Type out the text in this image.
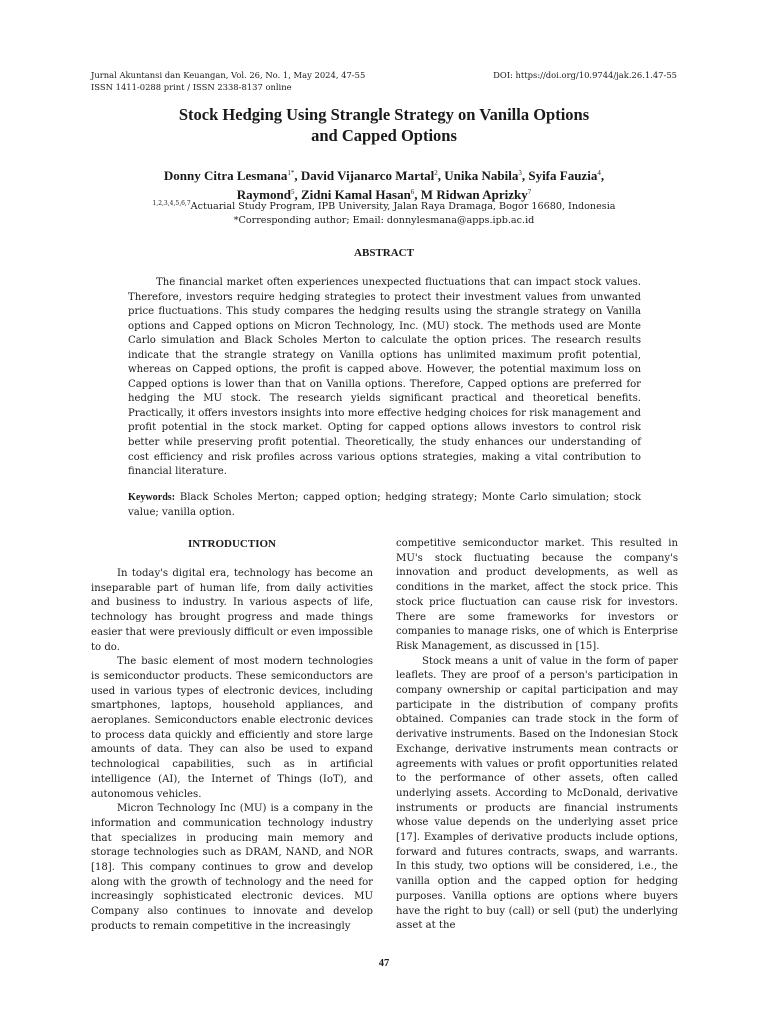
Jurnal Akuntansi dan Keuangan, Vol. 26, No. 1, May 2024, 47-55
ISSN 1411-0288 print / ISSN 2338-8137 online
DOI: https://doi.org/10.9744/jak.26.1.47-55
Stock Hedging Using Strangle Strategy on Vanilla Options
and Capped Options
Donny Citra Lesmana$^{1*}$, David Vijanarco Martal$^2$, Unika Nabila$^3$, Syifa Fauzia$^4$,
Raymond$^5$, Zidni Kamal Hasan$^6$, M Ridwan Aprizky$^7$
$^{1,2,3,4,5,6,7}$Actuarial Study Program, IPB University, Jalan Raya Dramaga, Bogor 16680, Indonesia
*Corresponding author; Email: donnylesmana@apps.ipb.ac.id
ABSTRACT

The financial market often experiences unexpected fluctuations that can impact stock values. Therefore, investors require hedging strategies to protect their investment values from unwanted price fluctuations. This study compares the hedging results using the strangle strategy on Vanilla options and Capped options on Micron Technology, Inc. (MU) stock. The methods used are Monte Carlo simulation and Black Scholes Merton to calculate the option prices. The research results indicate that the strangle strategy on Vanilla options has unlimited maximum profit potential, whereas on Capped options, the profit is capped above. However, the potential maximum loss on Capped options is lower than that on Vanilla options. Therefore, Capped options are preferred for hedging the MU stock. The research yields significant practical and theoretical benefits. Practically, it offers investors insights into more effective hedging choices for risk management and profit potential in the stock market. Opting for capped options allows investors to control risk better while preserving profit potential. Theoretically, the study enhances our understanding of cost efficiency and risk profiles across various options strategies, making a vital contribution to financial literature.

Keywords: Black Scholes Merton; capped option; hedging strategy; Monte Carlo simulation; stock value; vanilla option.

INTRODUCTION

In today's digital era, technology has become an inseparable part of human life, from daily activities and business to industry. In various aspects of life, technology has brought progress and made things easier that were previously difficult or even impossible to do.

The basic element of most modern technologies is semiconductor products. These semiconductors are used in various types of electronic devices, including smartphones, laptops, household appliances, and aeroplanes. Semiconductors enable electronic devices to process data quickly and efficiently and store large amounts of data. They can also be used to expand technological capabilities, such as in artificial intelligence (AI), the Internet of Things (IoT), and autonomous vehicles.

Micron Technology Inc (MU) is a company in the information and communication technology industry that specializes in producing main memory and storage technologies such as DRAM, NAND, and NOR [18]. This company continues to grow and develop along with the growth of technology and the need for increasingly sophisticated electronic devices. MU Company also continues to innovate and develop products to remain competitive in the increasingly

competitive semiconductor market. This resulted in MU's stock fluctuating because the company's innovation and product developments, as well as conditions in the market, affect the stock price. This stock price fluctuation can cause risk for investors. There are some frameworks for investors or companies to manage risks, one of which is Enterprise Risk Management, as discussed in [15].

Stock means a unit of value in the form of paper leaflets. They are proof of a person's participation in company ownership or capital participation and may participate in the distribution of company profits obtained. Companies can trade stock in the form of derivative instruments. Based on the Indonesian Stock Exchange, derivative instruments mean contracts or agreements with values or profit opportunities related to the performance of other assets, often called underlying assets. According to McDonald, derivative instruments or products are financial instruments whose value depends on the underlying asset price [17]. Examples of derivative products include options, forward and futures contracts, swaps, and warrants. In this study, two options will be considered, i.e., the vanilla option and the capped option for hedging purposes. Vanilla options are options where buyers have the right to buy (call) or sell (put) the underlying asset at the

47
